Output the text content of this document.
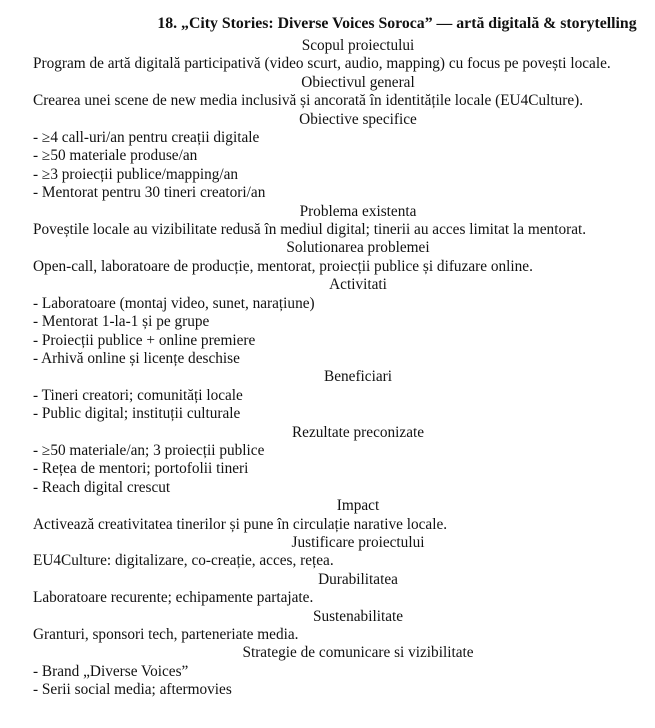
18. „City Stories: Diverse Voices Soroca” — artă digitală & storytelling
Scopul proiectului
Program de artă digitală participativă (video scurt, audio, mapping) cu focus pe povești locale.
Obiectivul general
Crearea unei scene de new media inclusivă și ancorată în identitățile locale (EU4Culture).
Obiective specifice
- ≥4 call-uri/an pentru creații digitale
- ≥50 materiale produse/an
- ≥3 proiecții publice/mapping/an
- Mentorat pentru 30 tineri creatori/an
Problema existenta
Poveștile locale au vizibilitate redusă în mediul digital; tinerii au acces limitat la mentorat.
Solutionarea problemei
Open-call, laboratoare de producție, mentorat, proiecții publice și difuzare online.
Activitati
- Laboratoare (montaj video, sunet, narațiune)
- Mentorat 1-la-1 și pe grupe
- Proiecții publice + online premiere
- Arhivă online și licențe deschise
Beneficiari
- Tineri creatori; comunități locale
- Public digital; instituții culturale
Rezultate preconizate
- ≥50 materiale/an; 3 proiecții publice
- Rețea de mentori; portofolii tineri
- Reach digital crescut
Impact
Activează creativitatea tinerilor și pune în circulație narative locale.
Justificare proiectului
EU4Culture: digitalizare, co-creație, acces, rețea.
Durabilitatea
Laboratoare recurente; echipamente partajate.
Sustenabilitate
Granturi, sponsori tech, parteneriate media.
Strategie de comunicare si vizibilitate
- Brand „Diverse Voices”
- Serii social media; aftermovies
